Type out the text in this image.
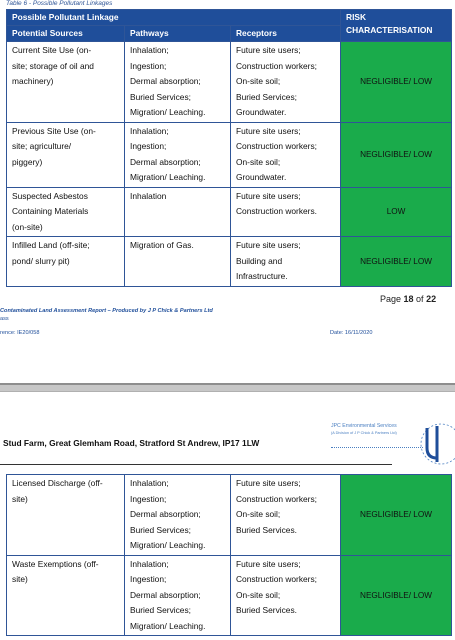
Table 6 - Possible Pollutant Linkages
Possible Pollutant Linkage			RISK
CHARACTERISATION

Potential Sources	Pathways	Receptors	

Current Site Use (on-
site; storage of oil and
machinery)	Inhalation;
Ingestion;
Dermal absorption;
Buried Services;
Migration/ Leaching.	Future site users;
Construction workers;
On-site soil;
Buried Services;
Groundwater.	NEGLIGIBLE/ LOW

Previous Site Use (on-
site; agriculture/
piggery)	Inhalation;
Ingestion;
Dermal absorption;
Migration/ Leaching.	Future site users;
Construction workers;
On-site soil;
Groundwater.	NEGLIGIBLE/ LOW

Suspected Asbestos
Containing Materials
(on-site)	Inhalation	Future site users;
Construction workers.	LOW

Infilled Land (off-site;
pond/ slurry pit)	Migration of Gas.	Future site users;
Building and
Infrastructure.	NEGLIGIBLE/ LOW
Page 18 of 22
Contaminated Land Assessment Report – Produced by J P Chick & Partners Ltd
ass
rence: IE20/058	Date: 16/11/2020
JPC Environmental Services
(A Division of J P Chick & Partners Ltd)
Stud Farm, Great Glemham Road, Stratford St Andrew, IP17 1LW
Licensed Discharge (off-
site)	Inhalation;
Ingestion;
Dermal absorption;
Buried Services;
Migration/ Leaching.	Future site users;
Construction workers;
On-site soil;
Buried Services.	NEGLIGIBLE/ LOW

Waste Exemptions (off-
site)	Inhalation;
Ingestion;
Dermal absorption;
Buried Services;
Migration/ Leaching.	Future site users;
Construction workers;
On-site soil;
Buried Services.	NEGLIGIBLE/ LOW
